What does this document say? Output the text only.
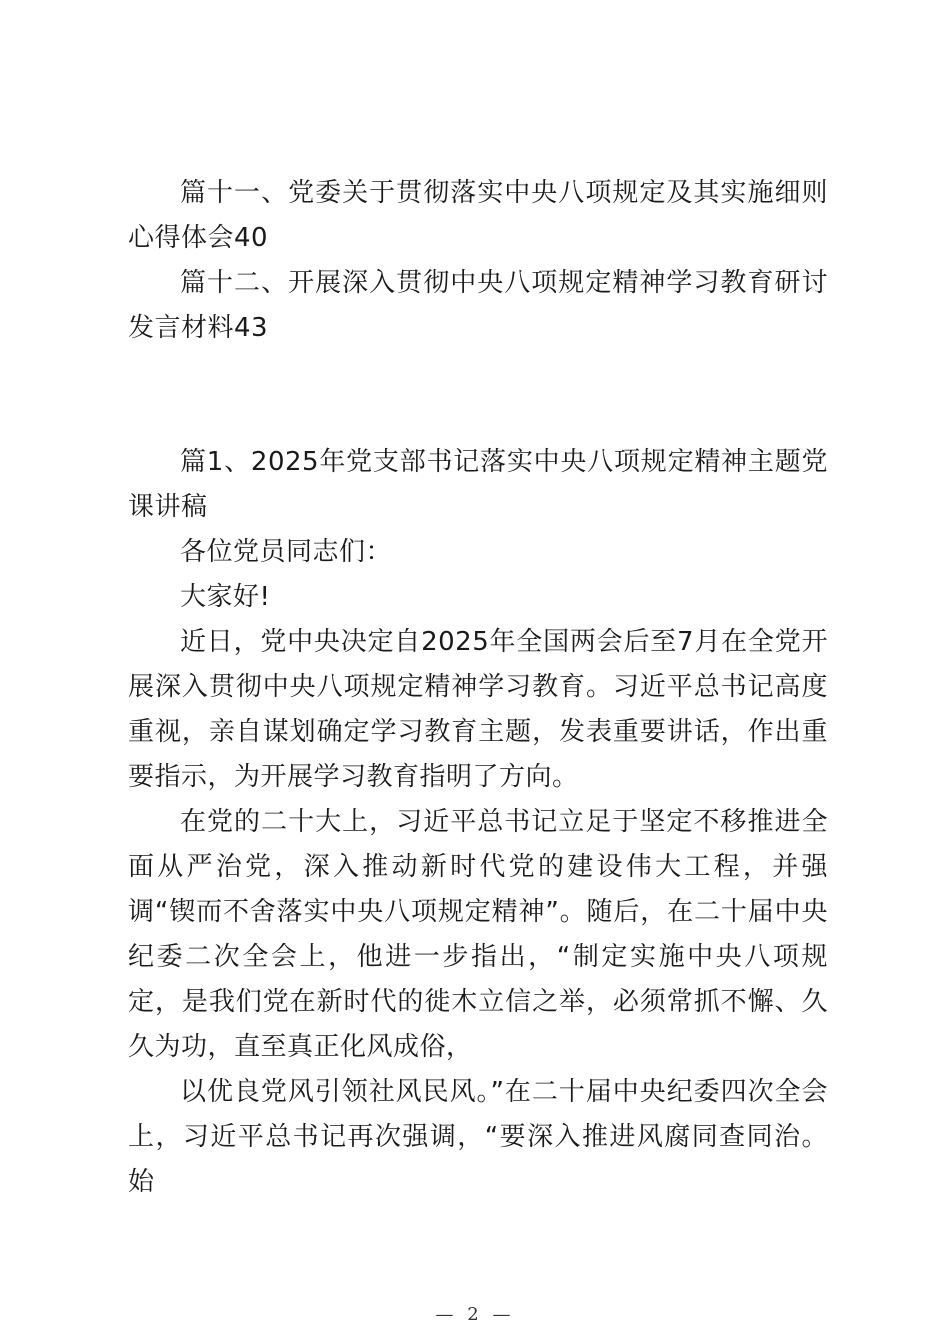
篇十一、党委关于贯彻落实中央八项规定及其实施细则心得体会40

篇十二、开展深入贯彻中央八项规定精神学习教育研讨发言材料43

篇1、2025年党支部书记落实中央八项规定精神主题党课讲稿

各位党员同志们：

大家好!

近日，党中央决定自2025年全国两会后至7月在全党开展深入贯彻中央八项规定精神学习教育。习近平总书记高度重视，亲自谋划确定学习教育主题，发表重要讲话，作出重要指示，为开展学习教育指明了方向。

在党的二十大上，习近平总书记立足于坚定不移推进全面从严治党，深入推动新时代党的建设伟大工程，并强调“锲而不舍落实中央八项规定精神”。随后，在二十届中央纪委二次全会上，他进一步指出，“制定实施中央八项规定，是我们党在新时代的徙木立信之举，必须常抓不懈、久久为功，直至真正化风成俗，

以优良党风引领社风民风。”在二十届中央纪委四次全会上，习近平总书记再次强调，“要深入推进风腐同查同治。始

— 2 —
